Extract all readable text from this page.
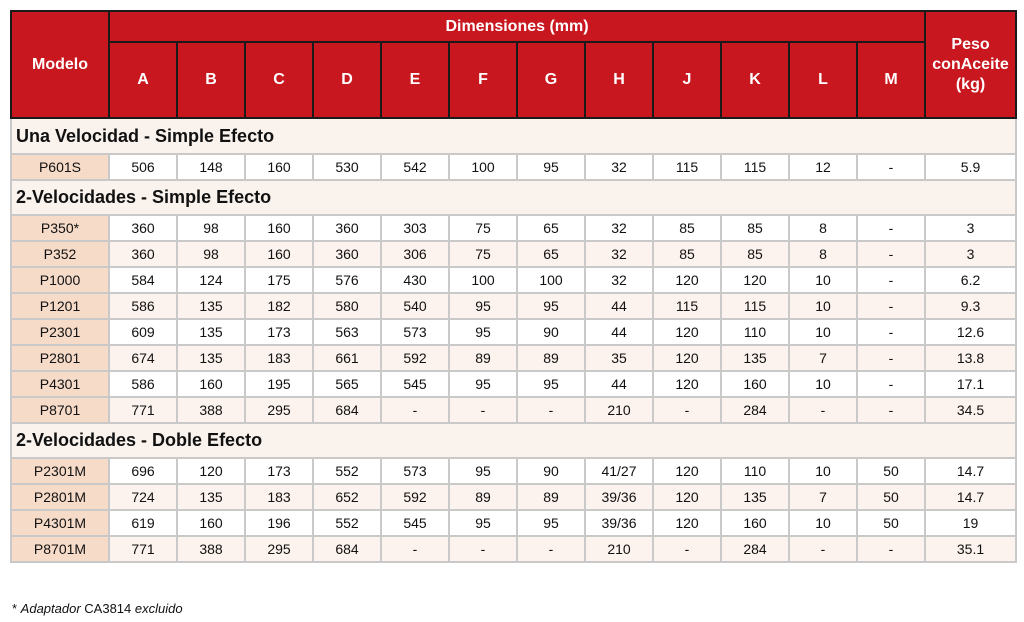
Modelo	Dimensiones (mm)												Peso
conAceite
(kg)

	A	B	C	D	E	F	G	H	J	K	L	M	
Una Velocidad - Simple Efecto													
P601S	506	148	160	530	542	100	95	32	115	115	12	-	5.9
2-Velocidades - Simple Efecto													
P350*	360	98	160	360	303	75	65	32	85	85	8	-	3
P352	360	98	160	360	306	75	65	32	85	85	8	-	3
P1000	584	124	175	576	430	100	100	32	120	120	10	-	6.2
P1201	586	135	182	580	540	95	95	44	115	115	10	-	9.3
P2301	609	135	173	563	573	95	90	44	120	110	10	-	12.6
P2801	674	135	183	661	592	89	89	35	120	135	7	-	13.8
P4301	586	160	195	565	545	95	95	44	120	160	10	-	17.1
P8701	771	388	295	684	-	-	-	210	-	284	-	-	34.5
2-Velocidades - Doble Efecto													
P2301M	696	120	173	552	573	95	90	41/27	120	110	10	50	14.7
P2801M	724	135	183	652	592	89	89	39/36	120	135	7	50	14.7
P4301M	619	160	196	552	545	95	95	39/36	120	160	10	50	19
P8701M	771	388	295	684	-	-	-	210	-	284	-	-	35.1
* Adaptador CA3814 excluido
